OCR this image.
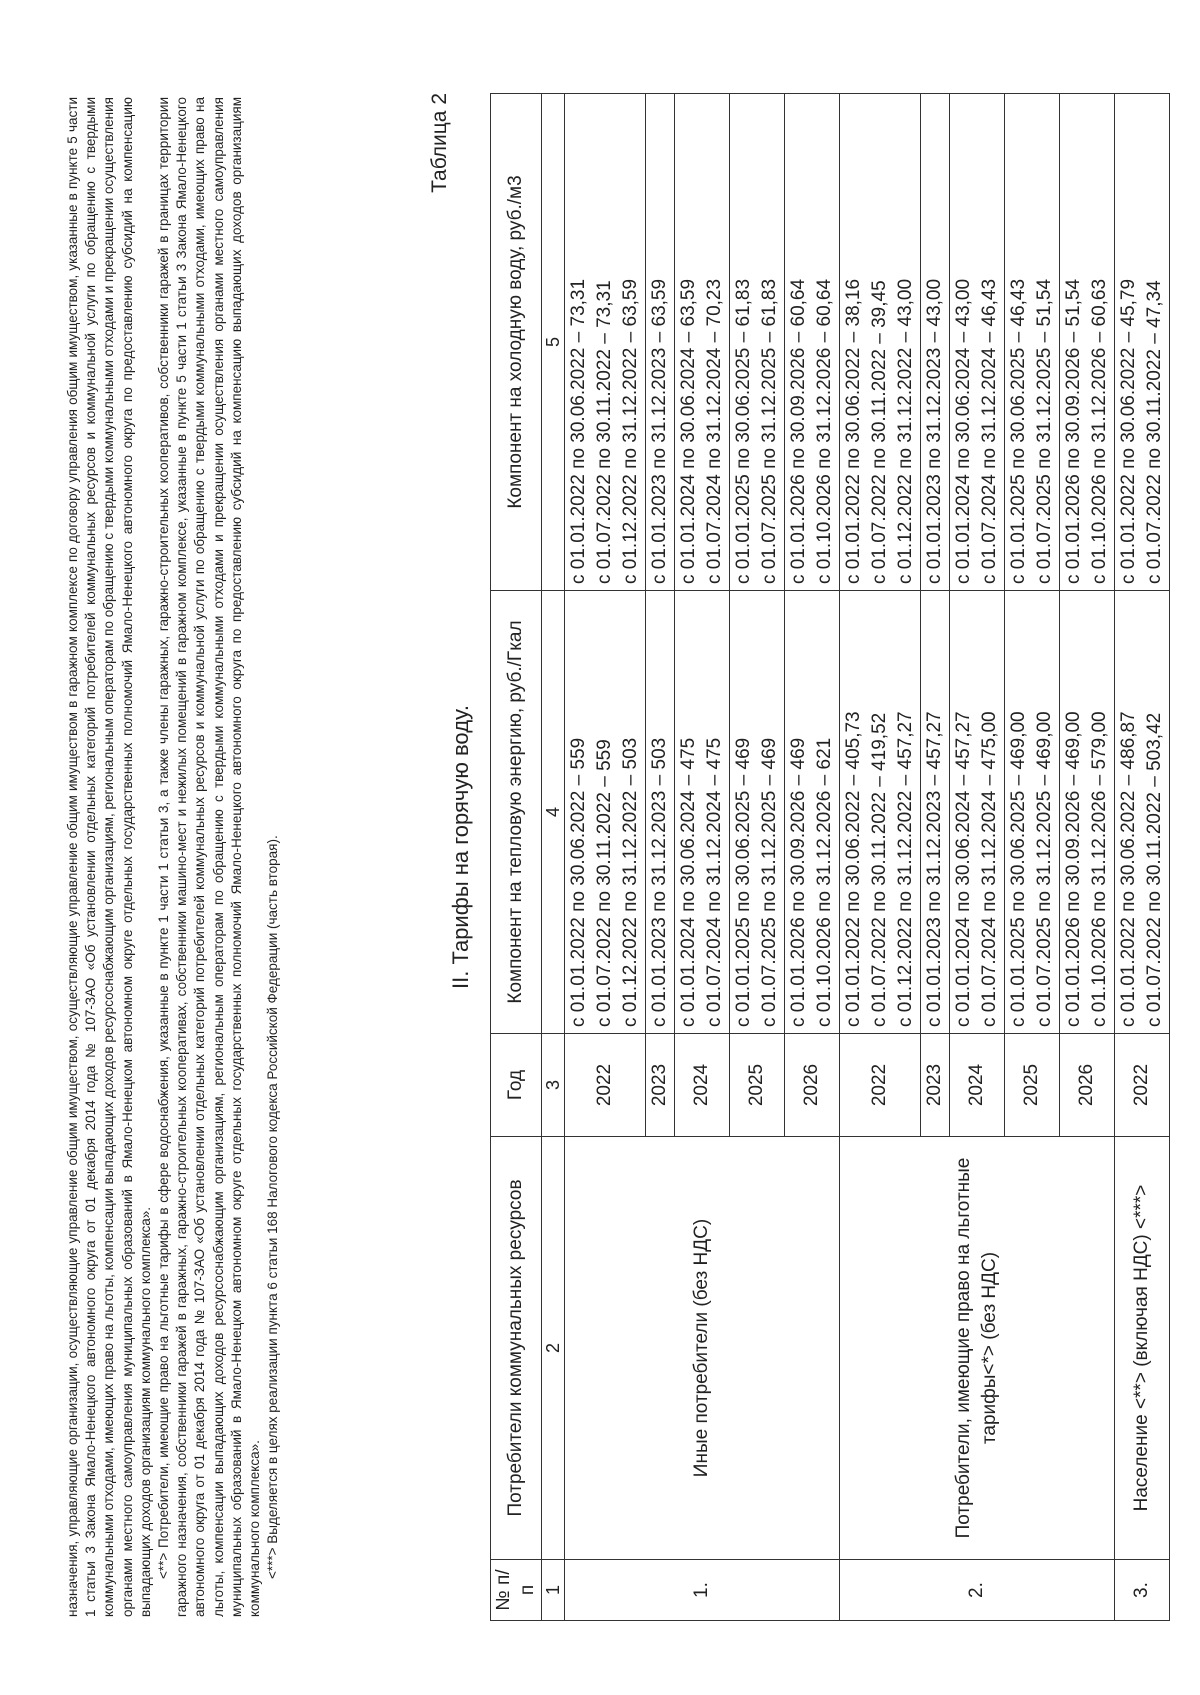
назначения, управляющие организации, осуществляющие управление общим имуществом, осуществляющие управление общим имуществом в гаражном комплексе по договору управления общим имуществом, указанные в пункте 5 части 1 статьи 3 Закона Ямало-Ненецкого автономного округа от 01 декабря 2014 года № 107-ЗАО «Об установлении отдельных категорий потребителей коммунальных ресурсов и коммунальной услуги по обращению с твердыми коммунальными отходами, имеющих право на льготы, компенсации выпадающих доходов ресурсоснабжающим организациям, региональным операторам по обращению с твердыми коммунальными отходами и прекращении осуществления органами местного самоуправления муниципальных образований в Ямало-Ненецком автономном округе отдельных государственных полномочий Ямало-Ненецкого автономного округа по предоставлению субсидий на компенсацию выпадающих доходов организациям коммунального комплекса». <**> Потребители, имеющие право на льготные тарифы в сфере водоснабжения, указанные в пункте 1 части 1 статьи 3, а также члены гаражных, гаражно-строительных кооперативов, собственники гаражей в границах территории гаражного назначения, собственники гаражей в гаражных, гаражно-строительных кооперативах, собственники машино-мест и нежилых помещений в гаражном комплексе, указанные в пункте 5 части 1 статьи 3 Закона Ямало-Ненецкого автономного округа от 01 декабря 2014 года № 107-ЗАО «Об установлении отдельных категорий потребителей коммунальных ресурсов и коммунальной услуги по обращению с твердыми коммунальными отходами, имеющих право на льготы, компенсации выпадающих доходов ресурсоснабжающим организациям, региональным операторам по обращению с твердыми коммунальными отходами и прекращении осуществления органами местного самоуправления муниципальных образований в Ямало-Ненецком автономном округе отдельных государственных полномочий Ямало-Ненецкого автономного округа по предоставлению субсидий на компенсацию выпадающих доходов организациям коммунального комплекса». <***> Выделяется в целях реализации пункта 6 статьи 168 Налогового кодекса Российской Федерации (часть вторая).

Таблица 2
II. Тарифы на горячую воду.
№ п/п	Потребители коммунальных ресурсов	Год	Компонент на тепловую энергию, руб./Гкал	Компонент на холодную воду, руб./м3
1	2	3	4	5
1.	Иные потребители (без НДС)	2022	с 01.01.2022 по 30.06.2022 – 559 с 01.07.2022 по 30.11.2022 – 559 с 01.12.2022 по 31.12.2022 – 503	с 01.01.2022 по 30.06.2022 – 73,31 с 01.07.2022 по 30.11.2022 – 73,31 с 01.12.2022 по 31.12.2022 – 63,59

		2023	с 01.01.2023 по 31.12.2023 – 503	с 01.01.2023 по 31.12.2023 – 63,59

		2024	с 01.01.2024 по 30.06.2024 – 475 с 01.07.2024 по 31.12.2024 – 475	с 01.01.2024 по 30.06.2024 – 63,59 с 01.07.2024 по 31.12.2024 – 70,23

		2025	с 01.01.2025 по 30.06.2025 – 469 с 01.07.2025 по 31.12.2025 – 469	с 01.01.2025 по 30.06.2025 – 61,83 с 01.07.2025 по 31.12.2025 – 61,83

		2026	с 01.01.2026 по 30.09.2026 – 469 с 01.10.2026 по 31.12.2026 – 621	с 01.01.2026 по 30.09.2026 – 60,64 с 01.10.2026 по 31.12.2026 – 60,64

2.	Потребители, имеющие право на льготные тарифы<*> (без НДС)	2022	с 01.01.2022 по 30.06.2022 – 405,73 с 01.07.2022 по 30.11.2022 – 419,52 с 01.12.2022 по 31.12.2022 – 457,27	с 01.01.2022 по 30.06.2022 – 38,16 с 01.07.2022 по 30.11.2022 – 39,45 с 01.12.2022 по 31.12.2022 – 43,00

		2023	с 01.01.2023 по 31.12.2023 – 457,27	с 01.01.2023 по 31.12.2023 – 43,00

		2024	с 01.01.2024 по 30.06.2024 – 457,27 с 01.07.2024 по 31.12.2024 – 475,00	с 01.01.2024 по 30.06.2024 – 43,00 с 01.07.2024 по 31.12.2024 – 46,43

		2025	с 01.01.2025 по 30.06.2025 – 469,00 с 01.07.2025 по 31.12.2025 – 469,00	с 01.01.2025 по 30.06.2025 – 46,43 с 01.07.2025 по 31.12.2025 – 51,54

		2026	с 01.01.2026 по 30.09.2026 – 469,00 с 01.10.2026 по 31.12.2026 – 579,00	с 01.01.2026 по 30.09.2026 – 51,54 с 01.10.2026 по 31.12.2026 – 60,63

3.	Население <**> (включая НДС) <***>	2022	с 01.01.2022 по 30.06.2022 – 486,87 с 01.07.2022 по 30.11.2022 – 503,42	с 01.01.2022 по 30.06.2022 – 45,79 с 01.07.2022 по 30.11.2022 – 47,34
